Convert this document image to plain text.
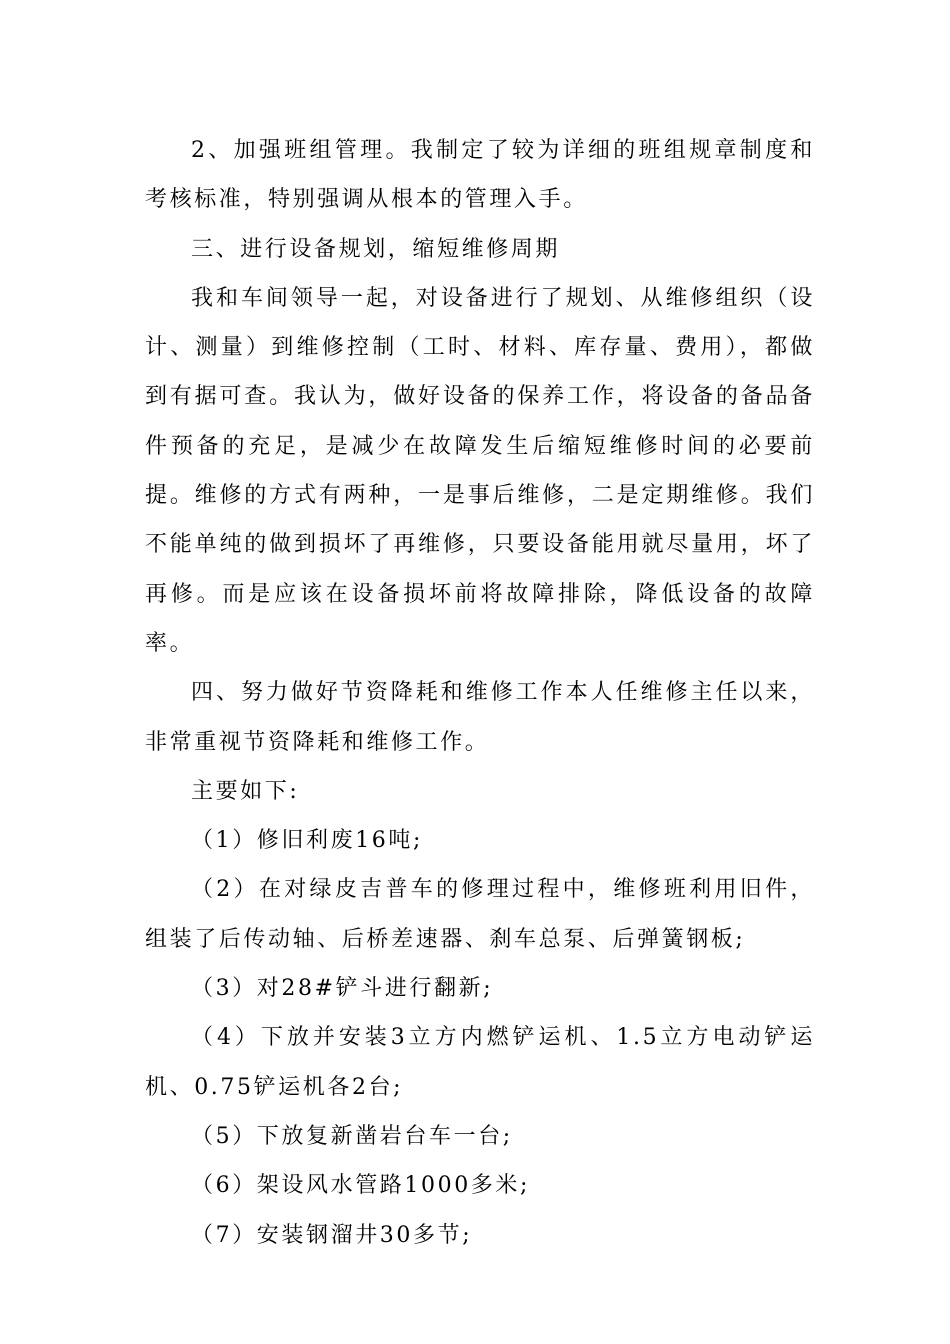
2、加强班组管理。我制定了较为详细的班组规章制度和考核标准，特别强调从根本的管理入手。

三、进行设备规划，缩短维修周期

我和车间领导一起，对设备进行了规划、从维修组织（设计、测量）到维修控制（工时、材料、库存量、费用），都做到有据可查。我认为，做好设备的保养工作，将设备的备品备件预备的充足，是减少在故障发生后缩短维修时间的必要前提。维修的方式有两种，一是事后维修，二是定期维修。我们不能单纯的做到损坏了再维修，只要设备能用就尽量用，坏了再修。而是应该在设备损坏前将故障排除，降低设备的故障率。

四、努力做好节资降耗和维修工作本人任维修主任以来，非常重视节资降耗和维修工作。

主要如下:

（1）修旧利废16吨;

（2）在对绿皮吉普车的修理过程中，维修班利用旧件，组装了后传动轴、后桥差速器、刹车总泵、后弹簧钢板;

（3）对28#铲斗进行翻新;

（4）下放并安装3立方内燃铲运机、1.5立方电动铲运机、0.75铲运机各2台;

（5）下放复新凿岩台车一台;

（6）架设风水管路1000多米;

（7）安装钢溜井30多节;
